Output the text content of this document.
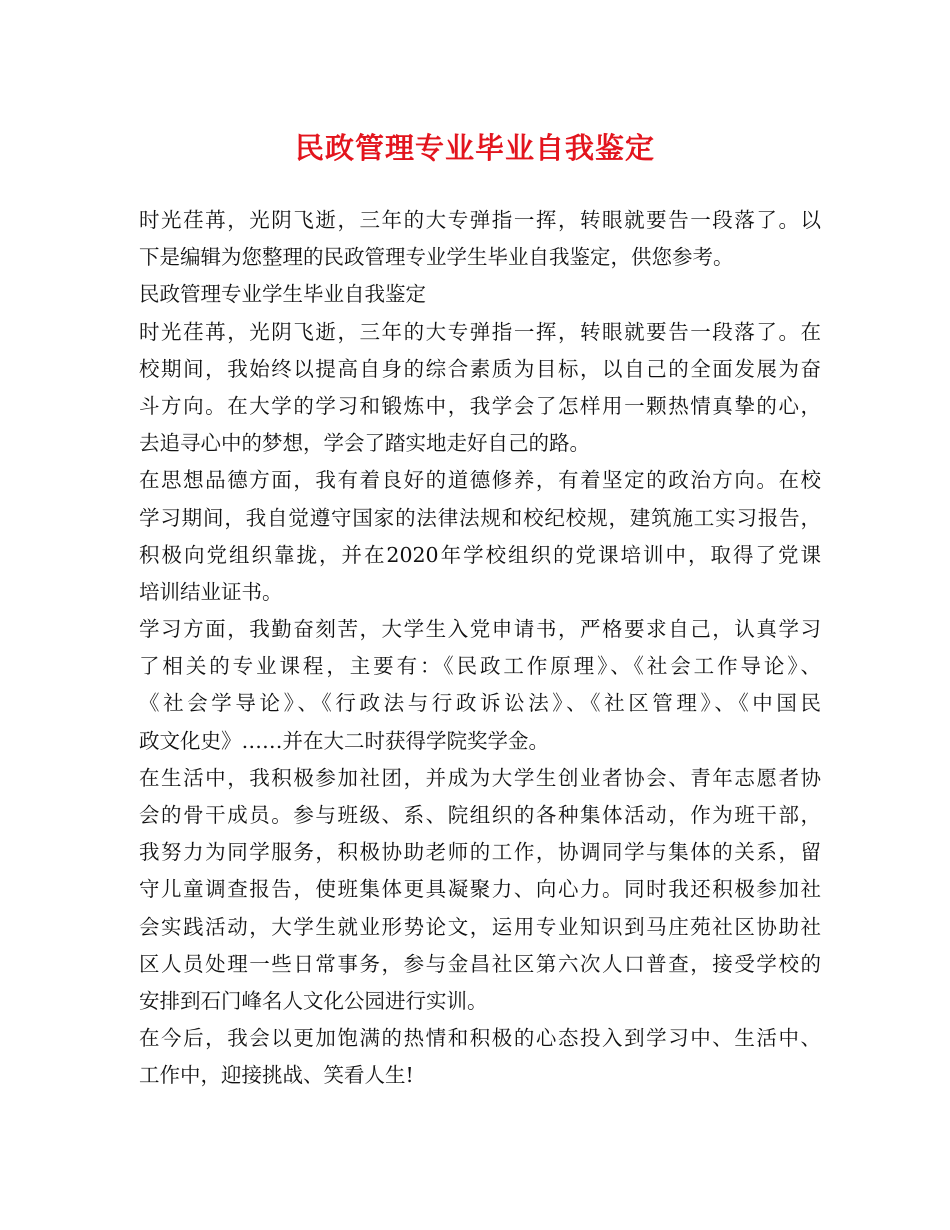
民政管理专业毕业自我鉴定
时光荏苒，光阴飞逝，三年的大专弹指一挥，转眼就要告一段落了。以
下是编辑为您整理的民政管理专业学生毕业自我鉴定，供您参考。
民政管理专业学生毕业自我鉴定
时光荏苒，光阴飞逝，三年的大专弹指一挥，转眼就要告一段落了。在
校期间，我始终以提高自身的综合素质为目标，以自己的全面发展为奋
斗方向。在大学的学习和锻炼中，我学会了怎样用一颗热情真挚的心，
去追寻心中的梦想，学会了踏实地走好自己的路。
在思想品德方面，我有着良好的道德修养，有着坚定的政治方向。在校
学习期间，我自觉遵守国家的法律法规和校纪校规，建筑施工实习报告，
积极向党组织靠拢，并在2020年学校组织的党课培训中，取得了党课
培训结业证书。
学习方面，我勤奋刻苦，大学生入党申请书，严格要求自己，认真学习
了相关的专业课程，主要有：《民政工作原理》、《社会工作导论》、
《社会学导论》、《行政法与行政诉讼法》、《社区管理》、《中国民
政文化史》……并在大二时获得学院奖学金。
在生活中，我积极参加社团，并成为大学生创业者协会、青年志愿者协
会的骨干成员。参与班级、系、院组织的各种集体活动，作为班干部，
我努力为同学服务，积极协助老师的工作，协调同学与集体的关系，留
守儿童调查报告，使班集体更具凝聚力、向心力。同时我还积极参加社
会实践活动，大学生就业形势论文，运用专业知识到马庄苑社区协助社
区人员处理一些日常事务，参与金昌社区第六次人口普查，接受学校的
安排到石门峰名人文化公园进行实训。
在今后，我会以更加饱满的热情和积极的心态投入到学习中、生活中、
工作中，迎接挑战、笑看人生!
